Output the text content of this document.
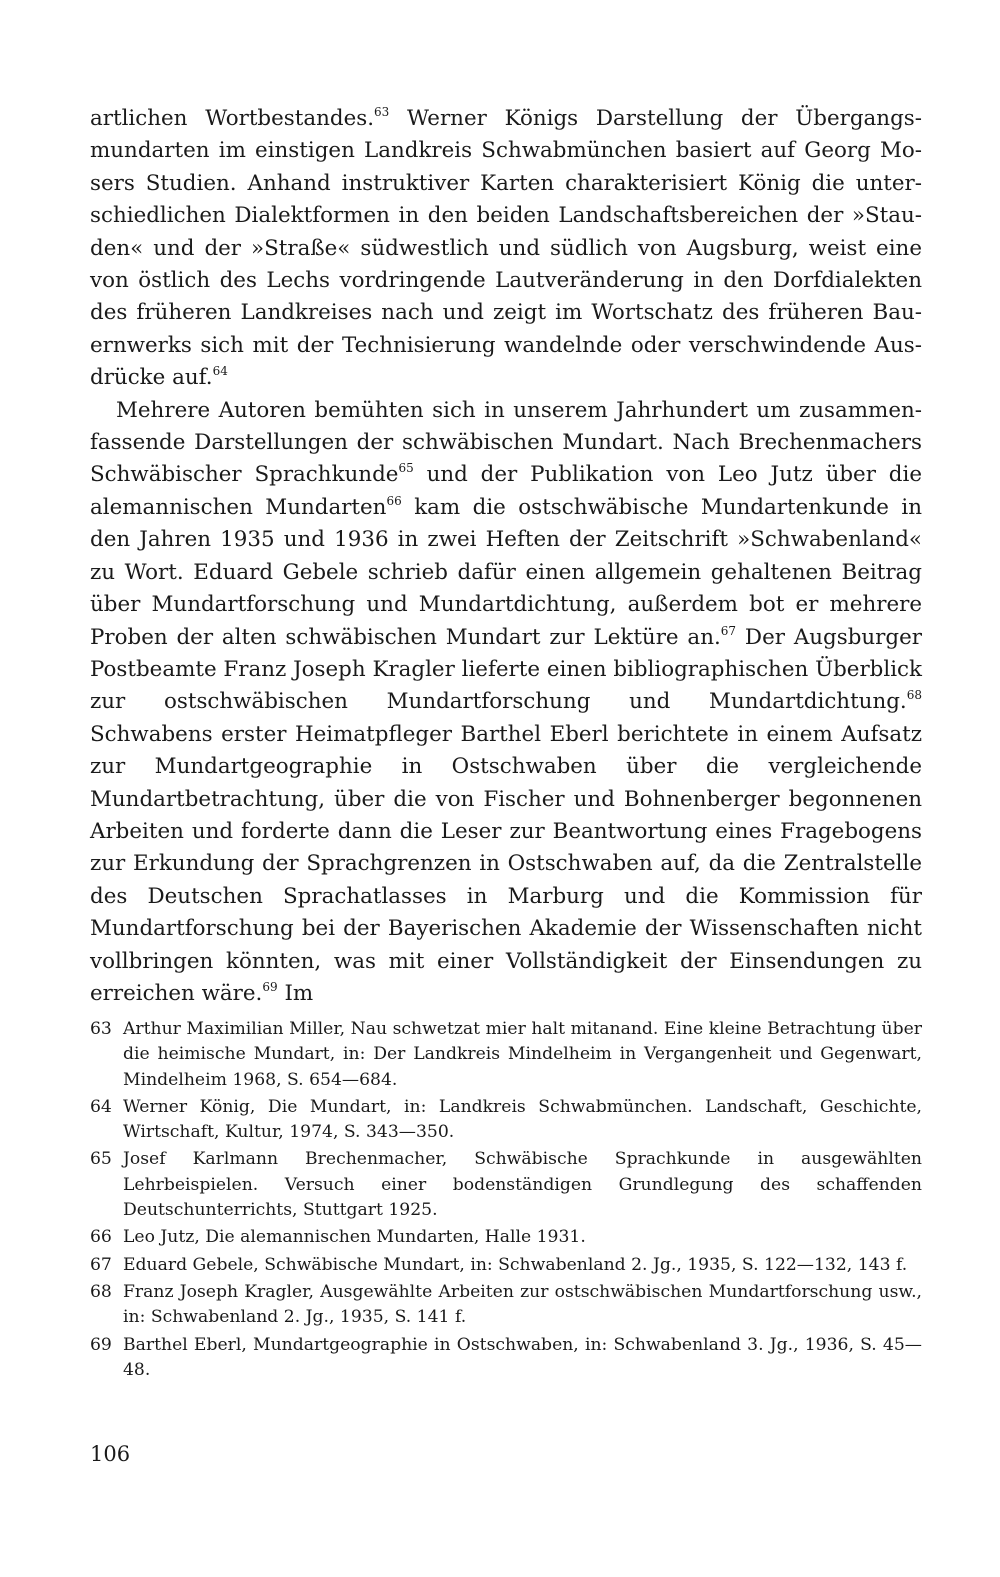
artlichen Wortbestandes.$^{63}$ Werner Königs Darstellung der Übergangsmundarten im einstigen Landkreis Schwabmünchen basiert auf Georg Mosers Studien. Anhand instruktiver Karten charakterisiert König die unterschiedlichen Dialektformen in den beiden Landschaftsbereichen der »Stauden« und der »Straße« südwestlich und südlich von Augsburg, weist eine von östlich des Lechs vordringende Lautveränderung in den Dorfdialekten des früheren Landkreises nach und zeigt im Wortschatz des früheren Bauernwerks sich mit der Technisierung wandelnde oder verschwindende Ausdrücke auf.$^{64}$

Mehrere Autoren bemühten sich in unserem Jahrhundert um zusammenfassende Darstellungen der schwäbischen Mundart. Nach Brechenmachers Schwäbischer Sprachkunde$^{65}$ und der Publikation von Leo Jutz über die alemannischen Mundarten$^{66}$ kam die ostschwäbische Mundartenkunde in den Jahren 1935 und 1936 in zwei Heften der Zeitschrift »Schwabenland« zu Wort. Eduard Gebele schrieb dafür einen allgemein gehaltenen Beitrag über Mundartforschung und Mundartdichtung, außerdem bot er mehrere Proben der alten schwäbischen Mundart zur Lektüre an.$^{67}$ Der Augsburger Postbeamte Franz Joseph Kragler lieferte einen bibliographischen Überblick zur ostschwäbischen Mundartforschung und Mundartdichtung.$^{68}$ Schwabens erster Heimatpfleger Barthel Eberl berichtete in einem Aufsatz zur Mundartgeographie in Ostschwaben über die vergleichende Mundartbetrachtung, über die von Fischer und Bohnenberger begonnenen Arbeiten und forderte dann die Leser zur Beantwortung eines Fragebogens zur Erkundung der Sprachgrenzen in Ostschwaben auf, da die Zentralstelle des Deutschen Sprachatlasses in Marburg und die Kommission für Mundartforschung bei der Bayerischen Akademie der Wissenschaften nicht vollbringen könnten, was mit einer Vollständigkeit der Einsendungen zu erreichen wäre.$^{69}$ Im

63 Arthur Maximilian Miller, Nau schwetzat mier halt mitanand. Eine kleine Betrachtung über die heimische Mundart, in: Der Landkreis Mindelheim in Vergangenheit und Gegenwart, Mindelheim 1968, S. 654—684.
64 Werner König, Die Mundart, in: Landkreis Schwabmünchen. Landschaft, Geschichte, Wirtschaft, Kultur, 1974, S. 343—350.
65 Josef Karlmann Brechenmacher, Schwäbische Sprachkunde in ausgewählten Lehrbeispielen. Versuch einer bodenständigen Grundlegung des schaffenden Deutschunterrichts, Stuttgart 1925.
66 Leo Jutz, Die alemannischen Mundarten, Halle 1931.
67 Eduard Gebele, Schwäbische Mundart, in: Schwabenland 2. Jg., 1935, S. 122—132, 143 f.
68 Franz Joseph Kragler, Ausgewählte Arbeiten zur ostschwäbischen Mundartforschung usw., in: Schwabenland 2. Jg., 1935, S. 141 f.
69 Barthel Eberl, Mundartgeographie in Ostschwaben, in: Schwabenland 3. Jg., 1936, S. 45—48.
106
